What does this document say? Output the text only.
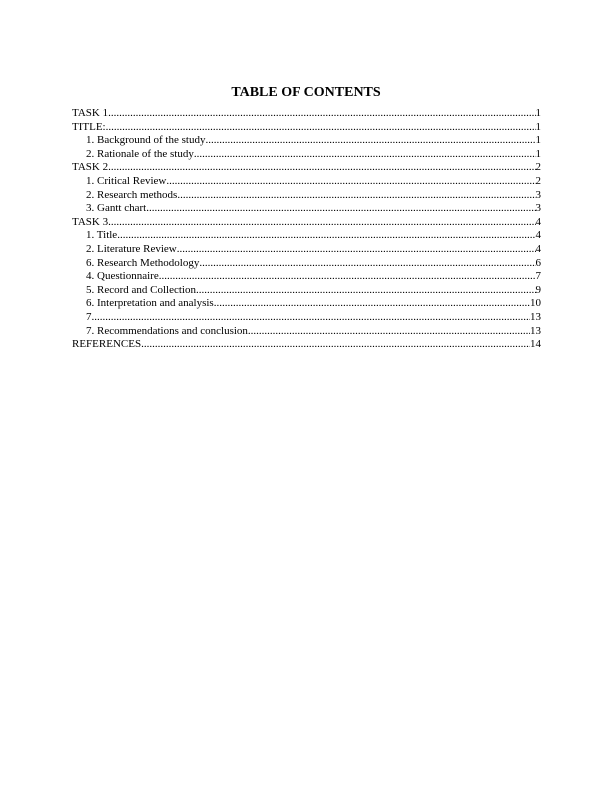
TABLE OF CONTENTS
TASK 1 .....	1
TITLE: .....	1
1. Background of the study .....	1
2. Rationale of the study .....	1
TASK 2 .....	2
1. Critical Review .....	2
2. Research methods .....	3
3. Gantt chart .....	3
TASK 3 .....	4
1. Title .....	4
2. Literature Review .....	4
6. Research Methodology .....	6
4. Questionnaire .....	7
5. Record and Collection .....	9
6. Interpretation and analysis .....	10
7. .....	13
7. Recommendations and conclusion .....	13
REFERENCES .....	14
